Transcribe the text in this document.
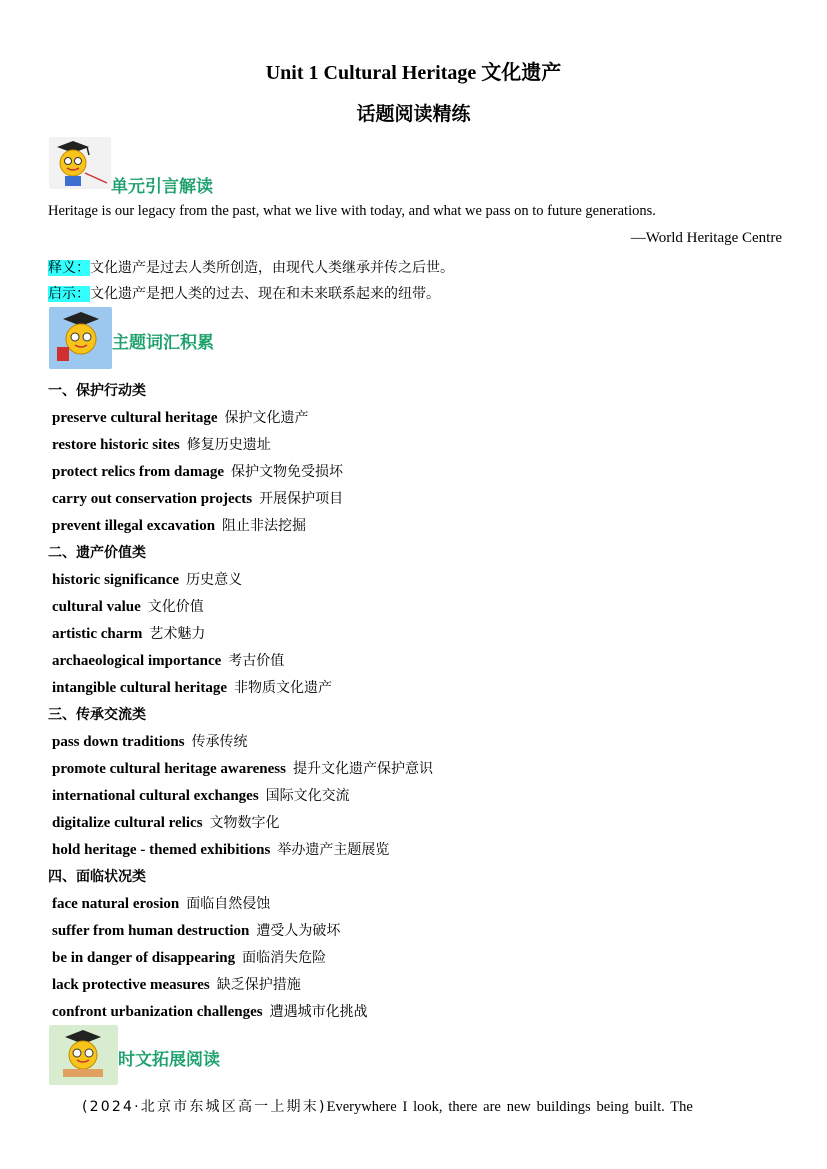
Unit 1 Cultural Heritage 文化遗产
话题阅读精练
单元引言解读
Heritage is our legacy from the past, what we live with today, and what we pass on to future generations.
—World Heritage Centre
释义：文化遗产是过去人类所创造，由现代人类继承并传之后世。
启示：文化遗产是把人类的过去、现在和未来联系起来的纽带。
主题词汇积累
一、保护行动类
preserve cultural heritage 保护文化遗产
restore historic sites 修复历史遗址
protect relics from damage 保护文物免受损坏
carry out conservation projects 开展保护项目
prevent illegal excavation 阻止非法挖掘
二、遗产价值类
historic significance 历史意义
cultural value 文化价值
artistic charm 艺术魅力
archaeological importance 考古价值
intangible cultural heritage 非物质文化遗产
三、传承交流类
pass down traditions 传承传统
promote cultural heritage awareness 提升文化遗产保护意识
international cultural exchanges 国际文化交流
digitalize cultural relics 文物数字化
hold heritage - themed exhibitions 举办遗产主题展览
四、面临状况类
face natural erosion 面临自然侵蚀
suffer from human destruction 遭受人为破坏
be in danger of disappearing 面临消失危险
lack protective measures 缺乏保护措施
confront urbanization challenges 遭遇城市化挑战
时文拓展阅读
(2024·北京市东城区高一上期末)Everywhere I look, there are new buildings being built. The
